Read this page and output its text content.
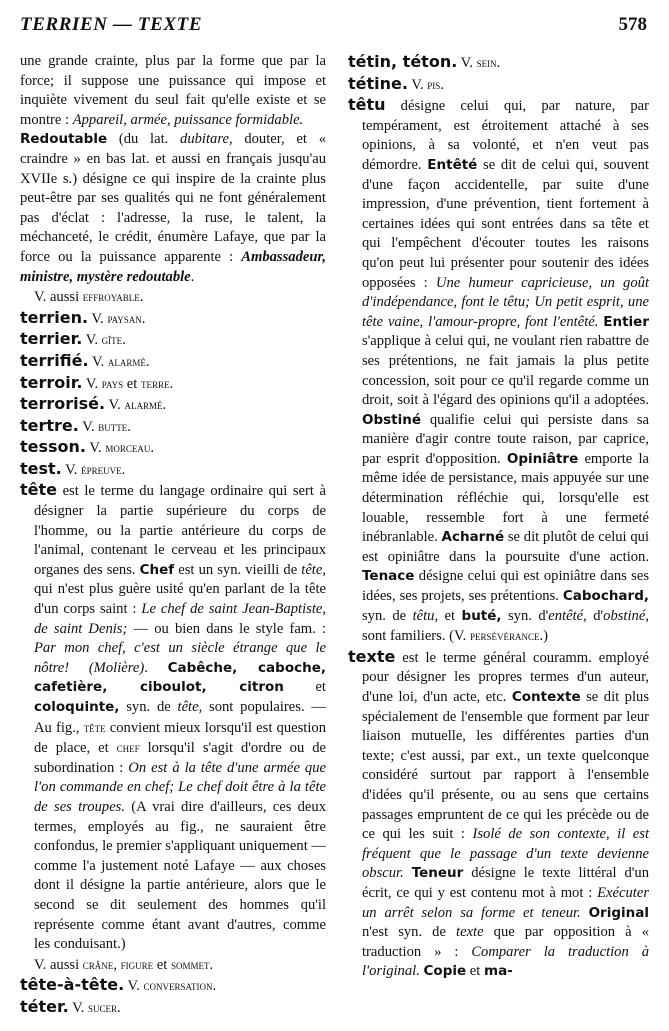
TERRIEN — TEXTE	578

une grande crainte, plus par la forme que par la force; il suppose une puissance qui impose et inquiète vivement du seul fait qu'elle existe et se montre : Appareil, armée, puissance formidable.

Redoutable (du lat. dubitare, douter, et « craindre » en bas lat. et aussi en français jusqu'au XVIIe s.) désigne ce qui inspire de la crainte plus peut-être par ses qualités qui ne font généralement pas d'éclat : l'adresse, la ruse, le talent, la méchanceté, le crédit, énumère Lafaye, que par la force ou la puissance apparente : Ambassadeur, ministre, mystère redoutable.

V. aussi effroyable.

terrien. V. paysan.

terrier. V. gîte.

terrifié. V. alarmé.

terroir. V. pays et terre.

terrorisé. V. alarmé.

tertre. V. butte.

tesson. V. morceau.

test. V. épreuve.

tête est le terme du langage ordinaire qui sert à désigner la partie supérieure du corps de l'homme, ou la partie antérieure du corps de l'animal, contenant le cerveau et les principaux organes des sens. Chef est un syn. vieilli de tête, qui n'est plus guère usité qu'en parlant de la tête d'un corps saint : Le chef de saint Jean-Baptiste, de saint Denis; — ou bien dans le style fam. : Par mon chef, c'est un siècle étrange que le nôtre! (Molière). Cabêche, caboche, cafetière, ciboulot, citron et coloquinte, syn. de tête, sont populaires. — Au fig., tête convient mieux lorsqu'il est question de place, et chef lorsqu'il s'agit d'ordre ou de subordination : On est à la tête d'une armée que l'on commande en chef; Le chef doit être à la tête de ses troupes. (A vrai dire d'ailleurs, ces deux termes, employés au fig., ne sauraient être confondus, le premier s'appliquant uniquement — comme l'a justement noté Lafaye — aux choses dont il désigne la partie antérieure, alors que le second se dit seulement des hommes qu'il représente comme étant avant d'autres, comme les conduisant.)

V. aussi crâne, figure et sommet.

tête-à-tête. V. conversation.

téter. V. sucer.

tétin, téton. V. sein.

tétine. V. pis.

têtu désigne celui qui, par nature, par tempérament, est étroitement attaché à ses opinions, à sa volonté, et n'en veut pas démordre. Entêté se dit de celui qui, souvent d'une façon accidentelle, par suite d'une impression, d'une prévention, tient fortement à certaines idées qui sont entrées dans sa tête et qui l'empêchent d'écouter toutes les raisons qu'on peut lui présenter pour soutenir des idées opposées : Une humeur capricieuse, un goût d'indépendance, font le têtu; Un petit esprit, une tête vaine, l'amour-propre, font l'entêté. Entier s'applique à celui qui, ne voulant rien rabattre de ses prétentions, ne fait jamais la plus petite concession, soit pour ce qu'il regarde comme un droit, soit à l'égard des opinions qu'il a adoptées. Obstiné qualifie celui qui persiste dans sa manière d'agir contre toute raison, par caprice, par esprit d'opposition. Opiniâtre emporte la même idée de persistance, mais appuyée sur une détermination réfléchie qui, lorsqu'elle est louable, ressemble fort à une fermeté inébranlable. Acharné se dit plutôt de celui qui est opiniâtre dans la poursuite d'une action. Tenace désigne celui qui est opiniâtre dans ses idées, ses projets, ses prétentions. Cabochard, syn. de têtu, et buté, syn. d'entêté, d'obstiné, sont familiers. (V. persévérance.)

texte est le terme général couramm. employé pour désigner les propres termes d'un auteur, d'une loi, d'un acte, etc. Contexte se dit plus spécialement de l'ensemble que forment par leur liaison mutuelle, les différentes parties d'un texte; c'est aussi, par ext., un texte quelconque considéré surtout par rapport à l'ensemble d'idées qu'il présente, ou au sens que certains passages empruntent de ce qui les précède ou de ce qui les suit : Isolé de son contexte, il est fréquent que le passage d'un texte devienne obscur. Teneur désigne le texte littéral d'un écrit, ce qui y est contenu mot à mot : Exécuter un arrêt selon sa forme et teneur. Original n'est syn. de texte que par opposition à « traduction » : Comparer la traduction à l'original. Copie et ma-
